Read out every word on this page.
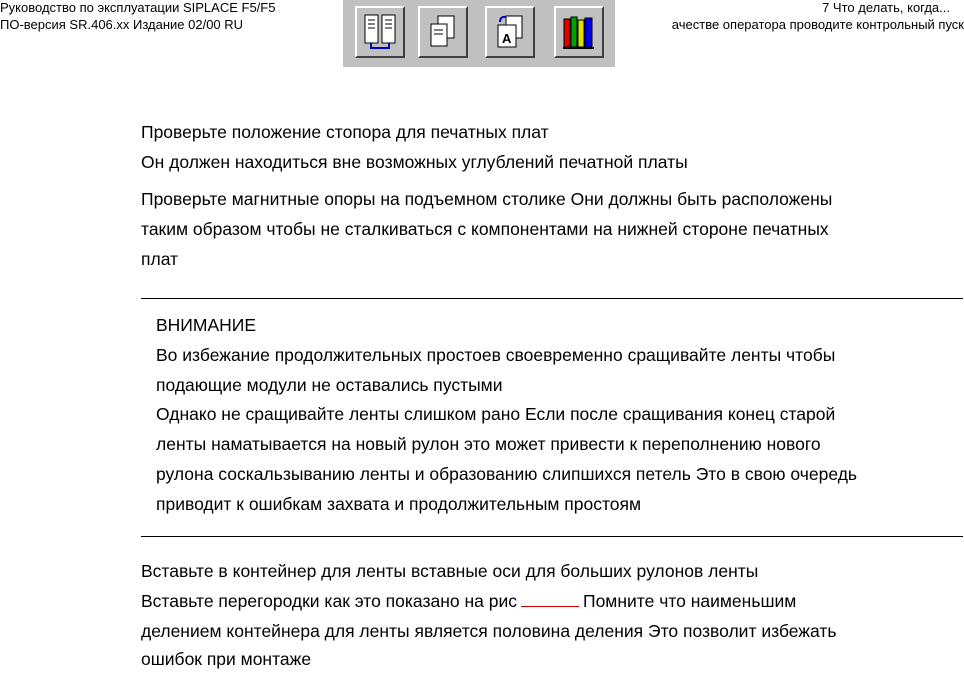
Руководство по эксплуатации SIPLACE F5/F5
ПО-версия SR.406.xx Издание 02/00 RU
7 Что делать, когда...
ачестве оператора проводите контрольный пуск
A
Проверьте положение стопора для печатных плат
Он должен находиться вне возможных углублений печатной платы
Проверьте магнитные опоры на подъемном столике Они должны быть расположены
таким образом чтобы не сталкиваться с компонентами на нижней стороне печатных
плат
ВНИМАНИЕ
Во избежание продолжительных простоев своевременно сращивайте ленты чтобы
подающие модули не оставались пустыми
Однако не сращивайте ленты слишком рано Если после сращивания конец старой
ленты наматывается на новый рулон это может привести к переполнению нового
рулона соскальзыванию ленты и образованию слипшихся петель Это в свою очередь
приводит к ошибкам захвата и продолжительным простоям
Вставьте в контейнер для ленты вставные оси для больших рулонов ленты
Вставьте перегородки как это показано на рис	Помните что наименьшим
делением контейнера для ленты является половина деления Это позволит избежать
ошибок при монтаже
